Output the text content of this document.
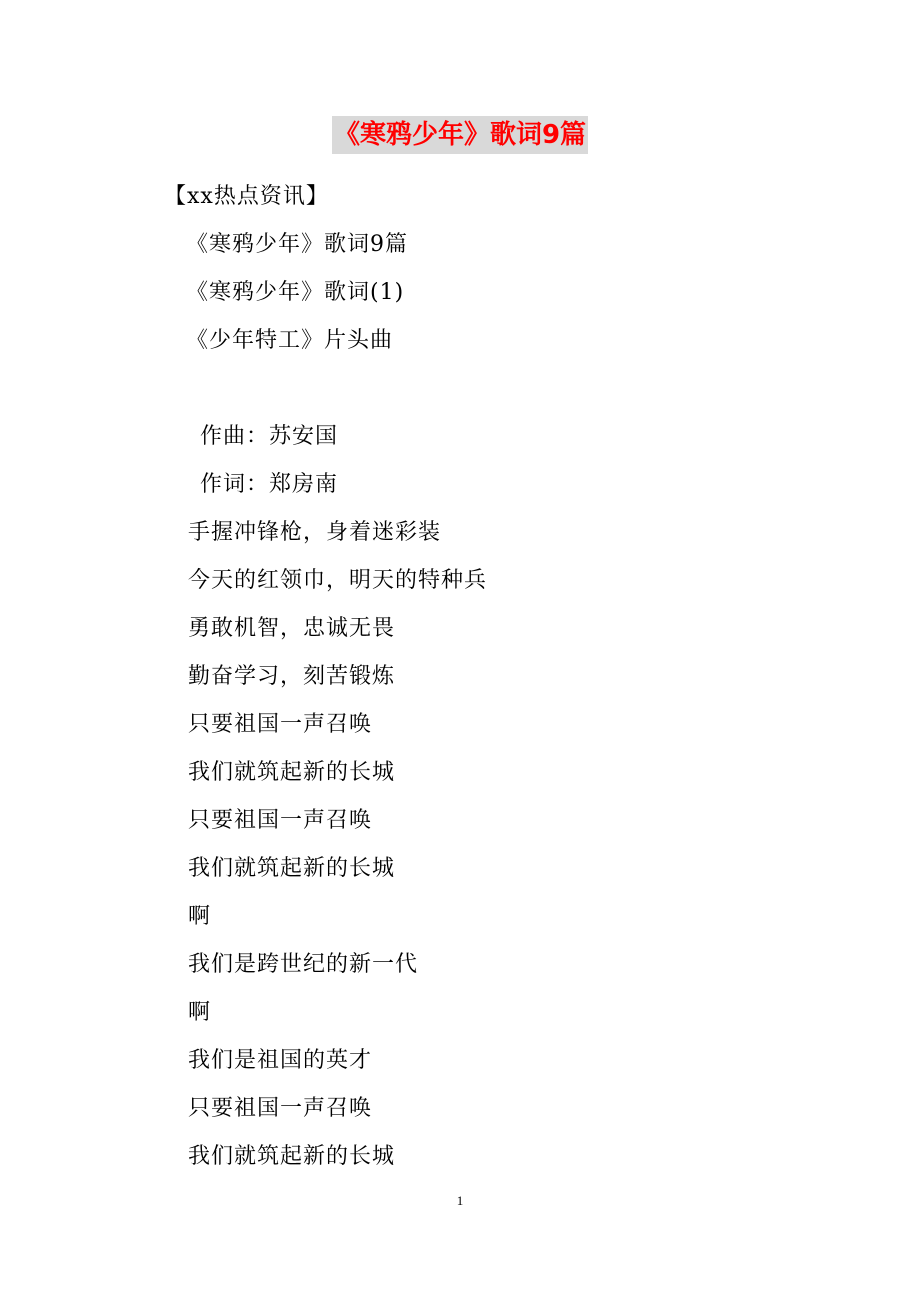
《寒鸦少年》歌词9篇
【xx热点资讯】
《寒鸦少年》歌词9篇
《寒鸦少年》歌词(1)
《少年特工》片头曲
作曲：苏安国
作词：郑房南
手握冲锋枪，身着迷彩装
今天的红领巾，明天的特种兵
勇敢机智，忠诚无畏
勤奋学习，刻苦锻炼
只要祖国一声召唤
我们就筑起新的长城
只要祖国一声召唤
我们就筑起新的长城
啊
我们是跨世纪的新一代
啊
我们是祖国的英才
只要祖国一声召唤
我们就筑起新的长城
1
